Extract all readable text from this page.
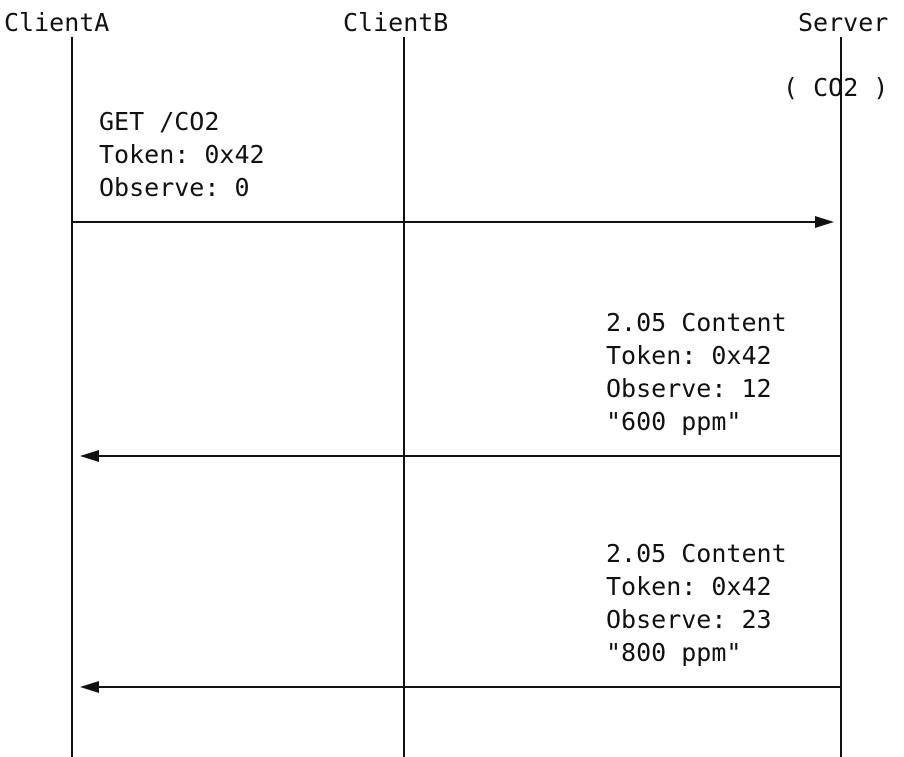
ClientA	ClientB	Server
( CO2 )
GET /CO2
Token: 0x42
Observe: 0
2.05 Content
Token: 0x42
Observe: 12
"600 ppm"
2.05 Content
Token: 0x42
Observe: 23
"800 ppm"
